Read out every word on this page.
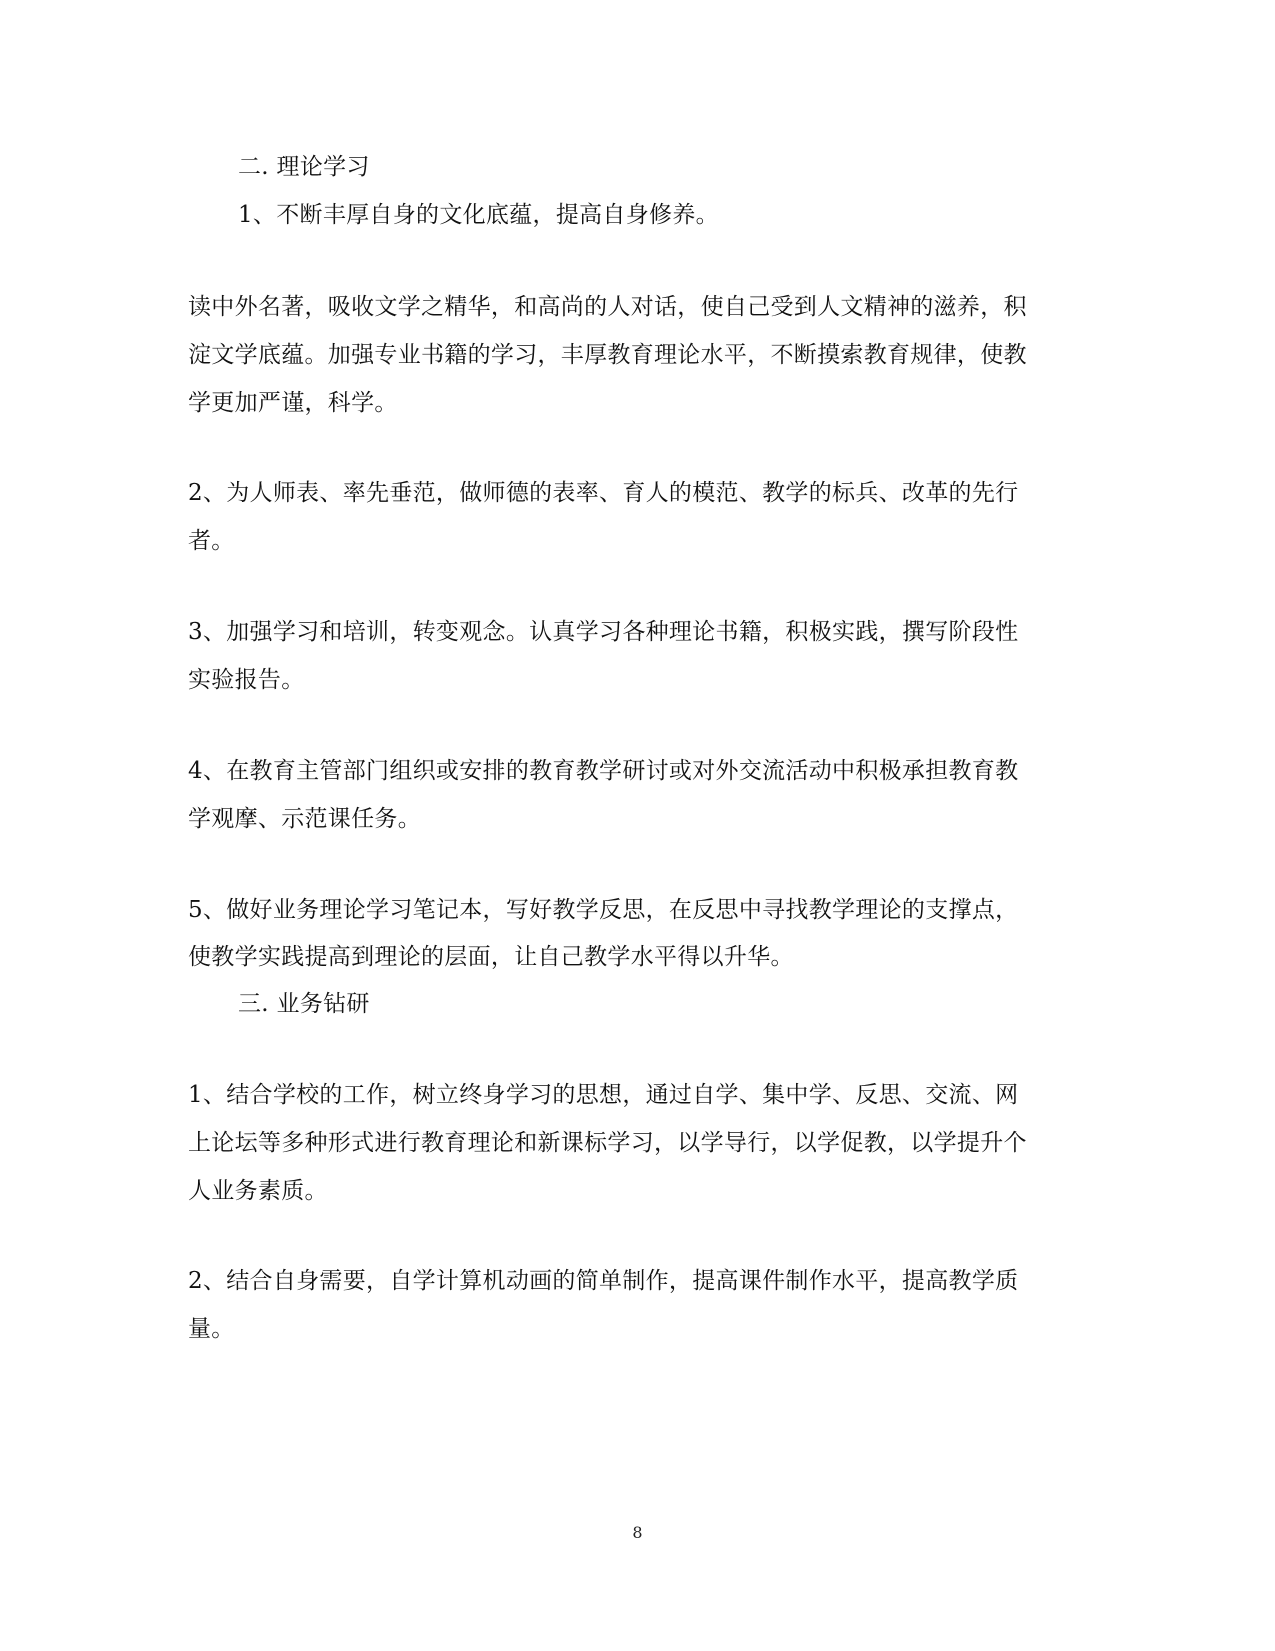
二. 理论学习
1、不断丰厚自身的文化底蕴，提高自身修养。
读中外名著，吸收文学之精华，和高尚的人对话，使自己受到人文精神的滋养，积
淀文学底蕴。加强专业书籍的学习，丰厚教育理论水平，不断摸索教育规律，使教
学更加严谨，科学。
2、为人师表、率先垂范，做师德的表率、育人的模范、教学的标兵、改革的先行
者。
3、加强学习和培训，转变观念。认真学习各种理论书籍，积极实践，撰写阶段性
实验报告。
4、在教育主管部门组织或安排的教育教学研讨或对外交流活动中积极承担教育教
学观摩、示范课任务。
5、做好业务理论学习笔记本，写好教学反思，在反思中寻找教学理论的支撑点，
使教学实践提高到理论的层面，让自己教学水平得以升华。
三. 业务钻研
1、结合学校的工作，树立终身学习的思想，通过自学、集中学、反思、交流、网
上论坛等多种形式进行教育理论和新课标学习，以学导行，以学促教，以学提升个
人业务素质。
2、结合自身需要，自学计算机动画的简单制作，提高课件制作水平，提高教学质
量。
8
